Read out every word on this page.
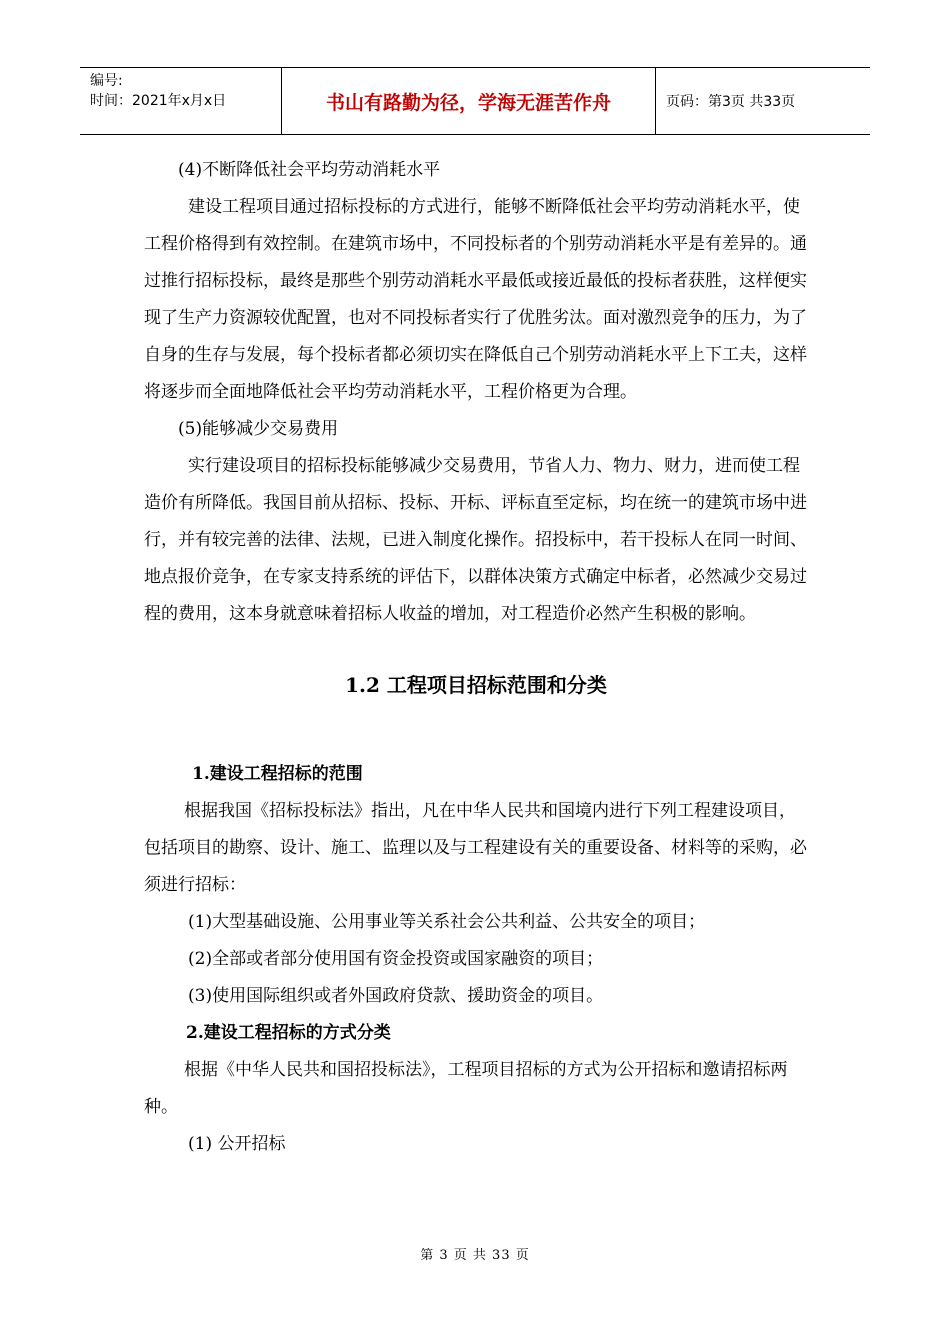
编号:
时间：2021年x月x日	书山有路勤为径，学海无涯苦作舟	页码：第3页 共33页

(4)不断降低社会平均劳动消耗水平

建设工程项目通过招标投标的方式进行，能够不断降低社会平均劳动消耗水平，使工程价格得到有效控制。在建筑市场中，不同投标者的个别劳动消耗水平是有差异的。通过推行招标投标，最终是那些个别劳动消耗水平最低或接近最低的投标者获胜，这样便实现了生产力资源较优配置，也对不同投标者实行了优胜劣汰。面对激烈竞争的压力，为了自身的生存与发展，每个投标者都必须切实在降低自己个别劳动消耗水平上下工夫，这样将逐步而全面地降低社会平均劳动消耗水平，工程价格更为合理。

(5)能够减少交易费用

实行建设项目的招标投标能够减少交易费用，节省人力、物力、财力，进而使工程造价有所降低。我国目前从招标、投标、开标、评标直至定标，均在统一的建筑市场中进行，并有较完善的法律、法规，已进入制度化操作。招投标中，若干投标人在同一时间、地点报价竞争，在专家支持系统的评估下，以群体决策方式确定中标者，必然减少交易过程的费用，这本身就意味着招标人收益的增加，对工程造价必然产生积极的影响。

1.2 工程项目招标范围和分类

1.建设工程招标的范围

根据我国《招标投标法》指出，凡在中华人民共和国境内进行下列工程建设项目，包括项目的勘察、设计、施工、监理以及与工程建设有关的重要设备、材料等的采购，必须进行招标：

(1)大型基础设施、公用事业等关系社会公共利益、公共安全的项目；

(2)全部或者部分使用国有资金投资或国家融资的项目；

(3)使用国际组织或者外国政府贷款、援助资金的项目。

2.建设工程招标的方式分类

根据《中华人民共和国招投标法》，工程项目招标的方式为公开招标和邀请招标两种。

(1) 公开招标

第 3 页 共 33 页
